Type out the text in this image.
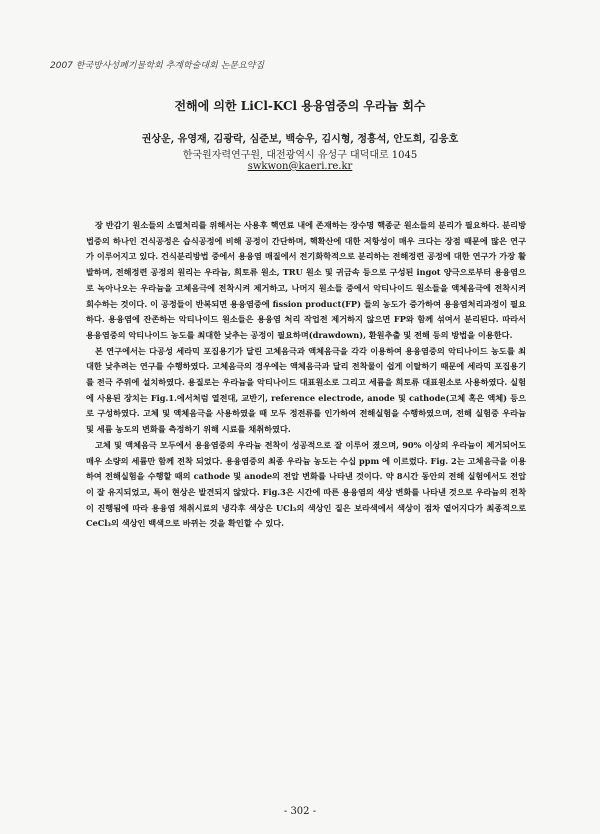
2007 한국방사성폐기물학회 추계학술대회 논문요약집
전해에 의한 LiCl-KCl 용융염중의 우라늄 회수
권상운, 유영재, 김광락, 심준보, 백승우, 김시형, 정흥석, 안도희, 김응호
한국원자력연구원, 대전광역시 유성구 대덕대로 1045
swkwon@kaeri.re.kr

장 반감기 원소들의 소멸처리를 위해서는 사용후 핵연료 내에 존재하는 장수명 핵종군 원소들의 분리가 필요하다. 분리방법중의 하나인 건식공정은 습식공정에 비해 공정이 간단하며, 핵확산에 대한 저항성이 매우 크다는 장점 때문에 많은 연구가 이루어지고 있다. 건식분리방법 중에서 용융염 매질에서 전기화학적으로 분리하는 전해정련 공정에 대한 연구가 가장 활발하며, 전해정련 공정의 원리는 우라늄, 희토류 원소, TRU 원소 및 귀금속 등으로 구성된 ingot 양극으로부터 용융염으로 녹아나오는 우라늄을 고체음극에 전착시켜 제거하고, 나머지 원소들 중에서 악티나이드 원소들을 액체음극에 전착시켜 회수하는 것이다. 이 공정들이 반복되면 용융염중에 fission product(FP) 들의 농도가 증가하여 용융염처리과정이 필요하다. 용융염에 잔존하는 악티나이드 원소들은 용융염 처리 작업전 제거하지 않으면 FP와 함께 섞여서 분리된다. 따라서 용융염중의 악티나이드 농도를 최대한 낮추는 공정이 필요하며(drawdown), 환원추출 및 전해 등의 방법을 이용한다.

본 연구에서는 다공성 세라믹 포집용기가 달린 고체음극과 액체음극을 각각 이용하여 용융염중의 악티나이드 농도를 최대한 낮추려는 연구를 수행하였다. 고체음극의 경우에는 액체음극과 달리 전착물이 쉽게 이탈하기 때문에 세라믹 포집용기를 전극 주위에 설치하였다. 용질로는 우라늄을 악티나이드 대표원소로 그리고 세륨을 희토류 대표원소로 사용하였다. 실험에 사용된 장치는 Fig.1.에서처럼 열전대, 교반기, reference electrode, anode 및 cathode(고체 혹은 액체) 등으로 구성하였다. 고체 및 액체음극을 사용하였을 때 모두 정전류를 인가하여 전해실험을 수행하였으며, 전해 실험중 우라늄 및 세륨 농도의 변화를 측정하기 위해 시료를 채취하였다.

고체 및 액체음극 모두에서 용융염중의 우라늄 전착이 성공적으로 잘 이루어 졌으며, 90% 이상의 우라늄이 제거되어도 매우 소량의 세륨만 함께 전착 되었다. 용융염중의 최종 우라늄 농도는 수십 ppm 에 이르렀다. Fig. 2는 고체음극을 이용하여 전해실험을 수행할 때의 cathode 및 anode의 전압 변화를 나타낸 것이다. 약 8시간 동안의 전해 실험에서도 전압이 잘 유지되었고, 특이 현상은 발견되지 않았다. Fig.3은 시간에 따른 용융염의 색상 변화를 나타낸 것으로 우라늄의 전착이 진행됨에 따라 용융염 채취시료의 냉각후 색상은 UCl₃의 색상인 짙은 보라색에서 색상이 점차 옅어지다가 최종적으로 CeCl₃의 색상인 백색으로 바뀌는 것을 확인할 수 있다.

- 302 -
